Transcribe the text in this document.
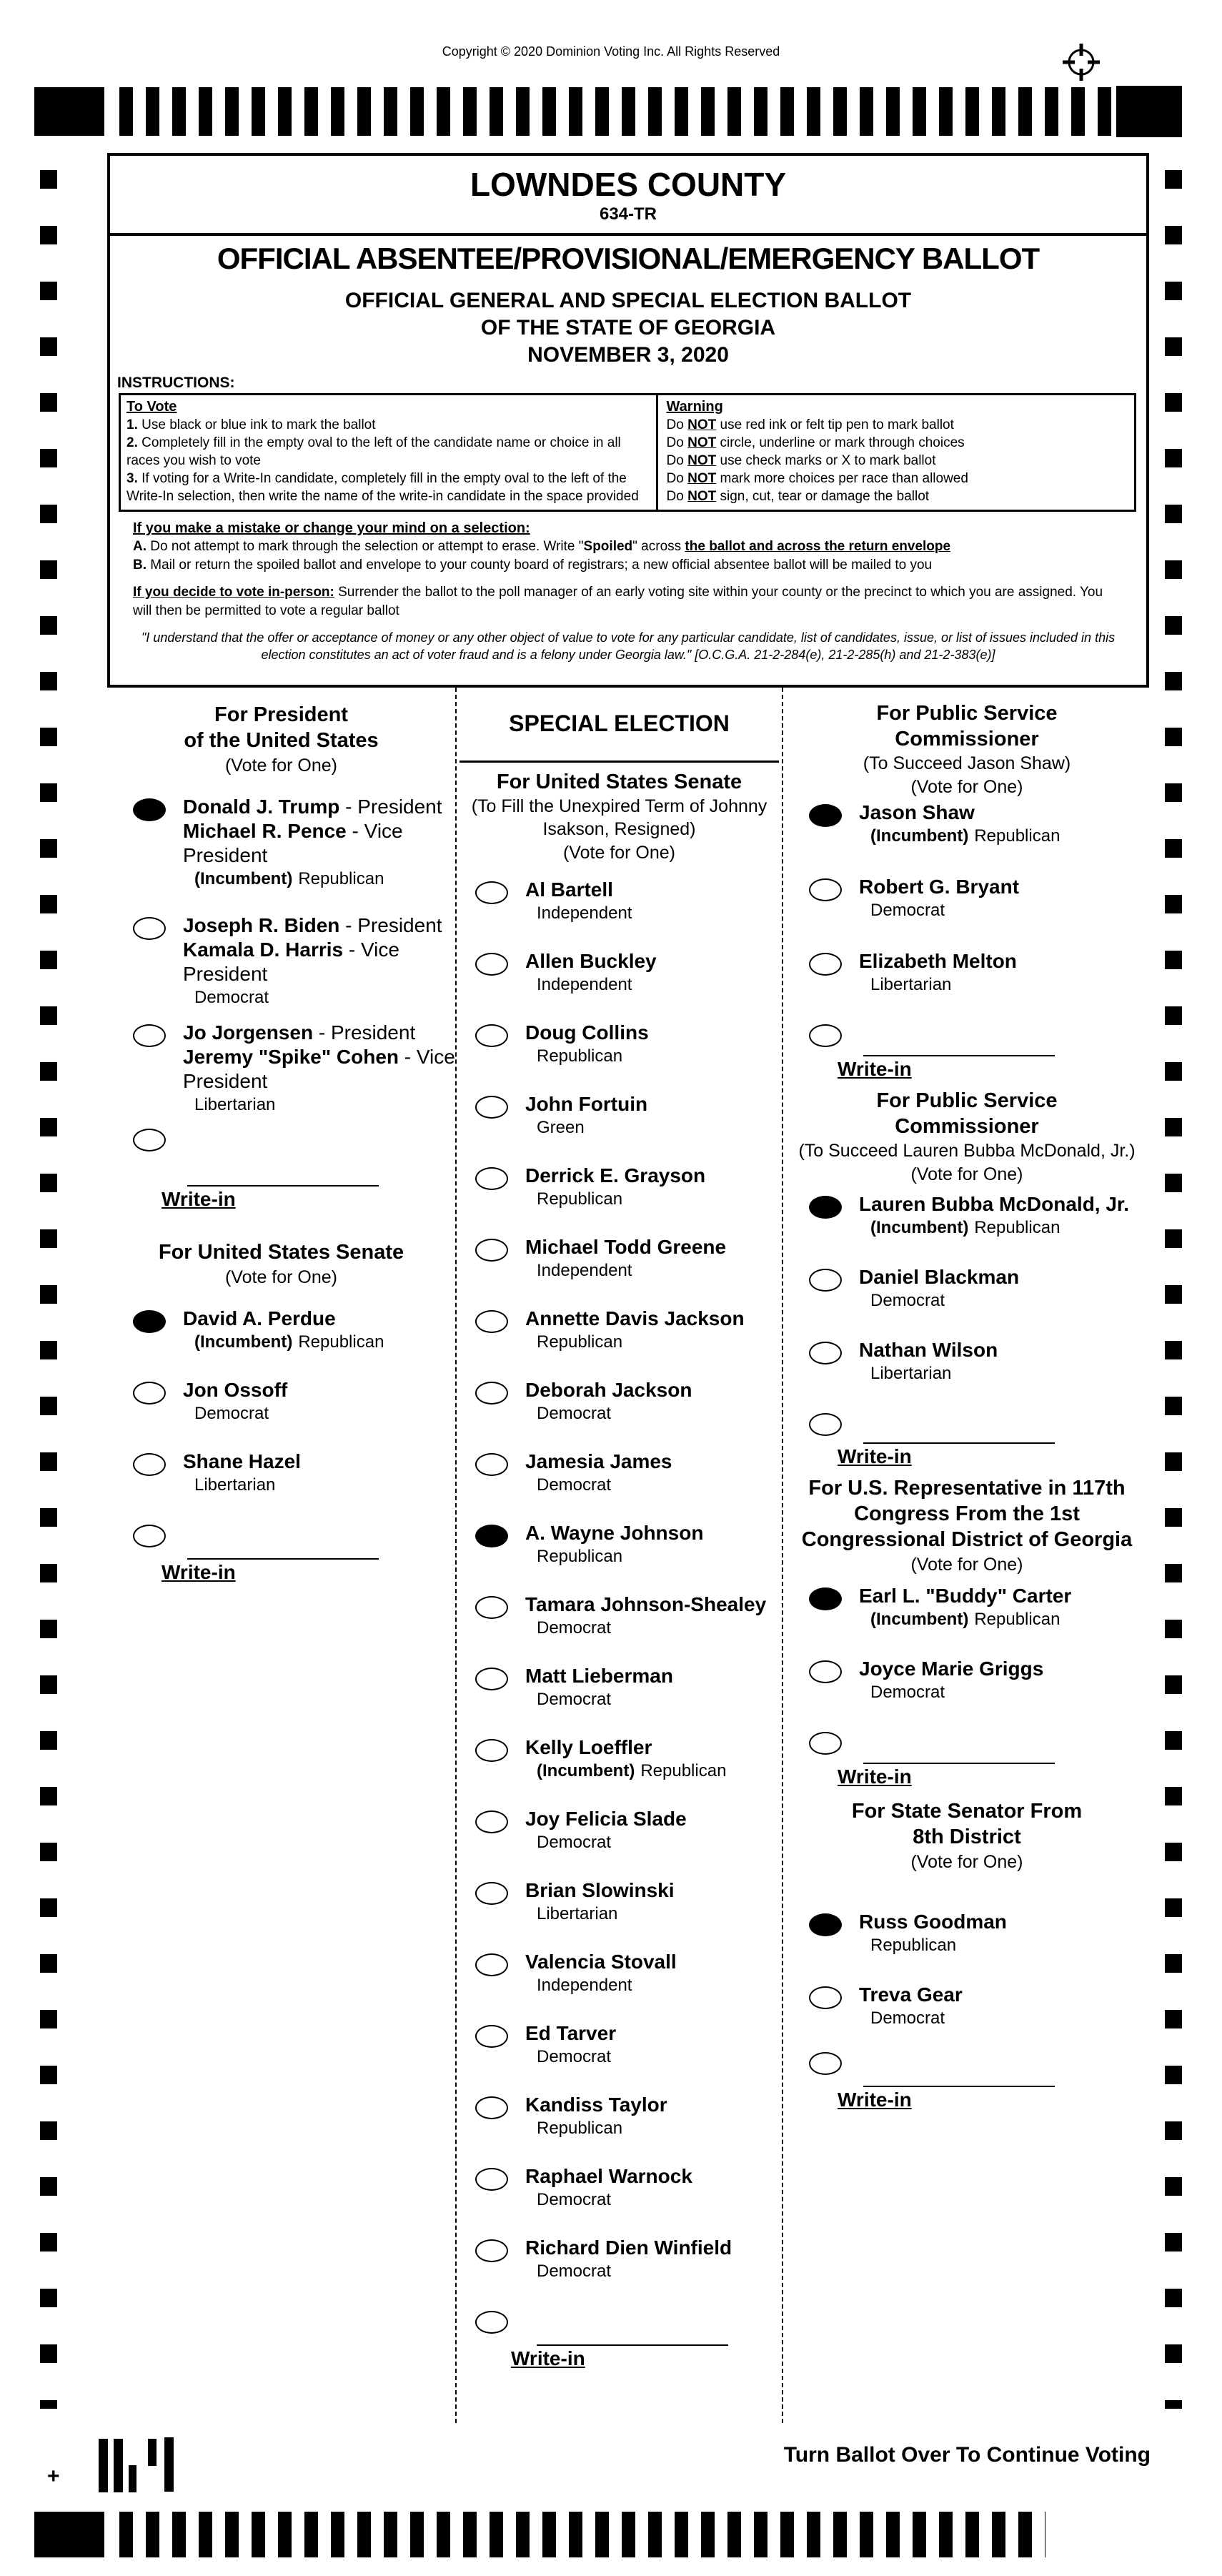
Copyright © 2020 Dominion Voting Inc. All Rights Reserved
LOWNDES COUNTY
634-TR
OFFICIAL ABSENTEE/PROVISIONAL/EMERGENCY BALLOT
OFFICIAL GENERAL AND SPECIAL ELECTION BALLOT
OF THE STATE OF GEORGIA
NOVEMBER 3, 2020
INSTRUCTIONS:
To Vote
1. Use black or blue ink to mark the ballot
2. Completely fill in the empty oval to the left of the candidate name or choice in all races you wish to vote
3. If voting for a Write-In candidate, completely fill in the empty oval to the left of the Write-In selection, then write the name of the write-in candidate in the space provided
Warning
Do NOT use red ink or felt tip pen to mark ballot
Do NOT circle, underline or mark through choices
Do NOT use check marks or X to mark ballot
Do NOT mark more choices per race than allowed
Do NOT sign, cut, tear or damage the ballot
If you make a mistake or change your mind on a selection:
A. Do not attempt to mark through the selection or attempt to erase. Write "Spoiled" across the ballot and across the return envelope
B. Mail or return the spoiled ballot and envelope to your county board of registrars; a new official absentee ballot will be mailed to you
If you decide to vote in-person: Surrender the ballot to the poll manager of an early voting site within your county or the precinct to which you are assigned. You will then be permitted to vote a regular ballot
"I understand that the offer or acceptance of money or any other object of value to vote for any particular candidate, list of candidates, issue, or list of issues included in this election constitutes an act of voter fraud and is a felony under Georgia law." [O.C.G.A. 21-2-284(e), 21-2-285(h) and 21-2-383(e)]
For President
of the United States
(Vote for One)
Donald J. Trump - President
Michael R. Pence - Vice President
(Incumbent) Republican
Joseph R. Biden - President
Kamala D. Harris - Vice President
Democrat
Jo Jorgensen - President
Jeremy "Spike" Cohen - Vice President
Libertarian
Write-in
For United States Senate
(Vote for One)
David A. Perdue
(Incumbent) Republican
Jon Ossoff
Democrat
Shane Hazel
Libertarian
Write-in
SPECIAL ELECTION
For United States Senate
(To Fill the Unexpired Term of Johnny
Isakson, Resigned)
(Vote for One)
Al Bartell
Independent
Allen Buckley
Independent
Doug Collins
Republican
John Fortuin
Green
Derrick E. Grayson
Republican
Michael Todd Greene
Independent
Annette Davis Jackson
Republican
Deborah Jackson
Democrat
Jamesia James
Democrat
A. Wayne Johnson
Republican
Tamara Johnson-Shealey
Democrat
Matt Lieberman
Democrat
Kelly Loeffler
(Incumbent) Republican
Joy Felicia Slade
Democrat
Brian Slowinski
Libertarian
Valencia Stovall
Independent
Ed Tarver
Democrat
Kandiss Taylor
Republican
Raphael Warnock
Democrat
Richard Dien Winfield
Democrat
Write-in
For Public Service
Commissioner
(To Succeed Jason Shaw)
(Vote for One)
Jason Shaw
(Incumbent) Republican
Robert G. Bryant
Democrat
Elizabeth Melton
Libertarian
Write-in
For Public Service
Commissioner
(To Succeed Lauren Bubba McDonald, Jr.)
(Vote for One)
Lauren Bubba McDonald, Jr.
(Incumbent) Republican
Daniel Blackman
Democrat
Nathan Wilson
Libertarian
Write-in
For U.S. Representative in 117th
Congress From the 1st
Congressional District of Georgia
(Vote for One)
Earl L. "Buddy" Carter
(Incumbent) Republican
Joyce Marie Griggs
Democrat
Write-in
For State Senator From
8th District
(Vote for One)
Russ Goodman
Republican
Treva Gear
Democrat
Write-in
Turn Ballot Over To Continue Voting
+
27
